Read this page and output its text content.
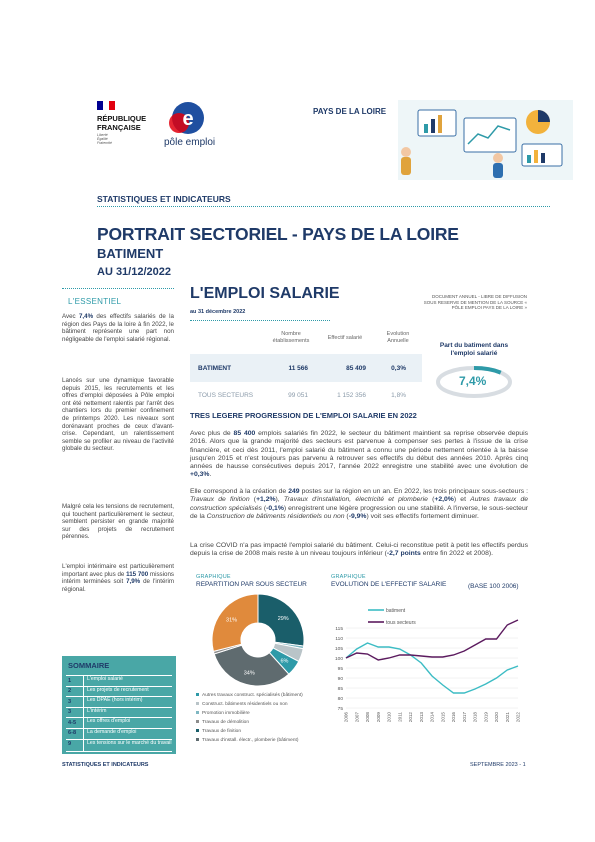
RÉPUBLIQUE
FRANÇAISE
Liberté
Égalité
Fraternité
e
pôle emploi
PAYS DE LA LOIRE
STATISTIQUES ET INDICATEURS
PORTRAIT SECTORIEL - PAYS DE LA LOIRE
BATIMENT
AU 31/12/2022
L'ESSENTIEL
Avec 7,4% des effectifs salariés de la région des Pays de la loire à fin 2022, le bâtiment représente une part non négligeable de l'emploi salarié régional.
Lancés sur une dynamique favorable depuis 2015, les recrutements et les offres d'emploi déposées à Pôle emploi ont été nettement ralentis par l'arrêt des chantiers lors du premier confinement de printemps 2020. Les niveaux sont dorénavant proches de ceux d'avant-crise. Cependant, un ralentissement semble se profiler au niveau de l'activité globale du secteur.
Malgré cela les tensions de recrutement, qui touchent particulièrement le secteur, semblent persister en grande majorité sur des projets de recrutement pérennes.
L'emploi intérimaire est particulièrement important avec plus de 115 700 missions intérim terminées soit 7,9% de l'intérim régional.
L'EMPLOI SALARIE
au 31 décembre 2022
DOCUMENT ANNUEL - LIBRE DE DIFFUSION
SOUS RESERVE DE MENTION DE LA SOURCE «
PÔLE EMPLOI PAYS DE LA LOIRE »
Nombre établissements	Effectif salarié
Evolution Annuelle
BATIMENT	11 566	85 409	0,3%
TOUS SECTEURS	99 051	1 152 356	1,8%
Part du batiment dans l'emploi salarié
7,4%
TRES LEGERE PROGRESSION DE L'EMPLOI SALARIE EN 2022
Avec plus de 85 400 emplois salariés fin 2022, le secteur du bâtiment maintient sa reprise observée depuis 2016. Alors que la grande majorité des secteurs est parvenue à compenser ses pertes à l'issue de la crise financière, et ceci dès 2011, l'emploi salarié du bâtiment a connu une période nettement orientée à la baisse jusqu'en 2015 et n'est toujours pas parvenu à retrouver ses effectifs du début des années 2010. Après cinq années de hausse consécutives depuis 2017, l'année 2022 enregistre une stabilité avec une évolution de +0,3%.
Elle correspond à la création de 249 postes sur la région en un an. En 2022, les trois principaux sous-secteurs : Travaux de finition (+1,2%), Travaux d'installation, électricité et plomberie (+2,0%) et Autres travaux de construction spécialisés (-0,1%) enregistrent une légère progression ou une stabilité. A l'inverse, le sous-secteur de la Construction de bâtiments résidentiels ou non (-9,9%) voit ses effectifs fortement diminuer.
La crise COVID n'a pas impacté l'emploi salarié du bâtiment. Celui-ci reconstitue petit à petit les effectifs perdus depuis la crise de 2008 mais reste à un niveau toujours inférieur (-2,7 points entre fin 2022 et 2008).
GRAPHIQUE
REPARTITION PAR SOUS SECTEUR
29%
6%
34%
31%
Autres travaux construct. spécialisés (bâtiment)
Construct. bâtiments résidentiels ou non
Promotion immobilière
Travaux de démolition
Travaux de finition
Travaux d'install. électr., plomberie (bâtiment)
GRAPHIQUE
EVOLUTION DE L'EFFECTIF SALARIE	(BASE 100 2006)
75
80
85
90
95
100
105
110
115
2006 2007 2008 2009 2010 2011 2012 2013 2014 2015 2016 2017 2018 2019 2020 2021 2022
batiment
tous secteurs
SOMMAIRE
1	L'emploi salarié
2	Les projets de recrutement
3	Les DPAE (hors intérim)
3	L'intérim
4-5	Les offres d'emploi
6-8	La demande d'emploi
9	Les tensions sur le marché du travail
STATISTIQUES ET INDICATEURS	SEPTEMBRE 2023 - 1
